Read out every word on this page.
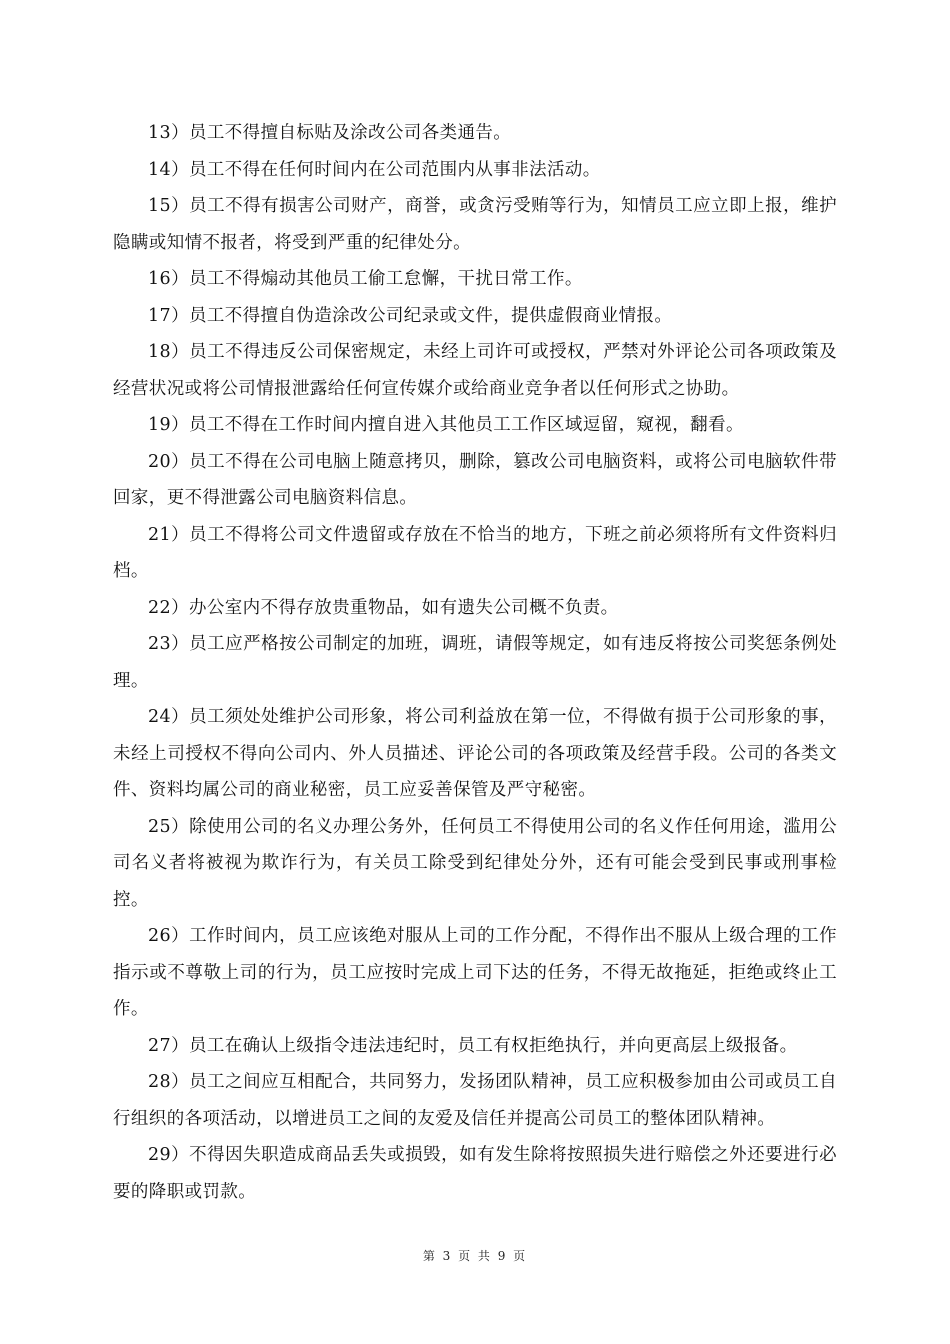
13）员工不得擅自标贴及涂改公司各类通告。

14）员工不得在任何时间内在公司范围内从事非法活动。

15）员工不得有损害公司财产，商誉，或贪污受贿等行为，知情员工应立即上报，维护隐瞒或知情不报者，将受到严重的纪律处分。

16）员工不得煽动其他员工偷工怠懈，干扰日常工作。

17）员工不得擅自伪造涂改公司纪录或文件，提供虚假商业情报。

18）员工不得违反公司保密规定，未经上司许可或授权，严禁对外评论公司各项政策及经营状况或将公司情报泄露给任何宣传媒介或给商业竞争者以任何形式之协助。

19）员工不得在工作时间内擅自进入其他员工工作区域逗留，窥视，翻看。

20）员工不得在公司电脑上随意拷贝，删除，篡改公司电脑资料，或将公司电脑软件带回家，更不得泄露公司电脑资料信息。

21）员工不得将公司文件遗留或存放在不恰当的地方，下班之前必须将所有文件资料归档。

22）办公室内不得存放贵重物品，如有遗失公司概不负责。

23）员工应严格按公司制定的加班，调班，请假等规定，如有违反将按公司奖惩条例处理。

24）员工须处处维护公司形象，将公司利益放在第一位，不得做有损于公司形象的事，未经上司授权不得向公司内、外人员描述、评论公司的各项政策及经营手段。公司的各类文件、资料均属公司的商业秘密，员工应妥善保管及严守秘密。

25）除使用公司的名义办理公务外，任何员工不得使用公司的名义作任何用途，滥用公司名义者将被视为欺诈行为，有关员工除受到纪律处分外，还有可能会受到民事或刑事检控。

26）工作时间内，员工应该绝对服从上司的工作分配，不得作出不服从上级合理的工作指示或不尊敬上司的行为，员工应按时完成上司下达的任务，不得无故拖延，拒绝或终止工作。

27）员工在确认上级指令违法违纪时，员工有权拒绝执行，并向更高层上级报备。

28）员工之间应互相配合，共同努力，发扬团队精神，员工应积极参加由公司或员工自行组织的各项活动，以增进员工之间的友爱及信任并提高公司员工的整体团队精神。

29）不得因失职造成商品丢失或损毁，如有发生除将按照损失进行赔偿之外还要进行必要的降职或罚款。

第 3 页 共 9 页
